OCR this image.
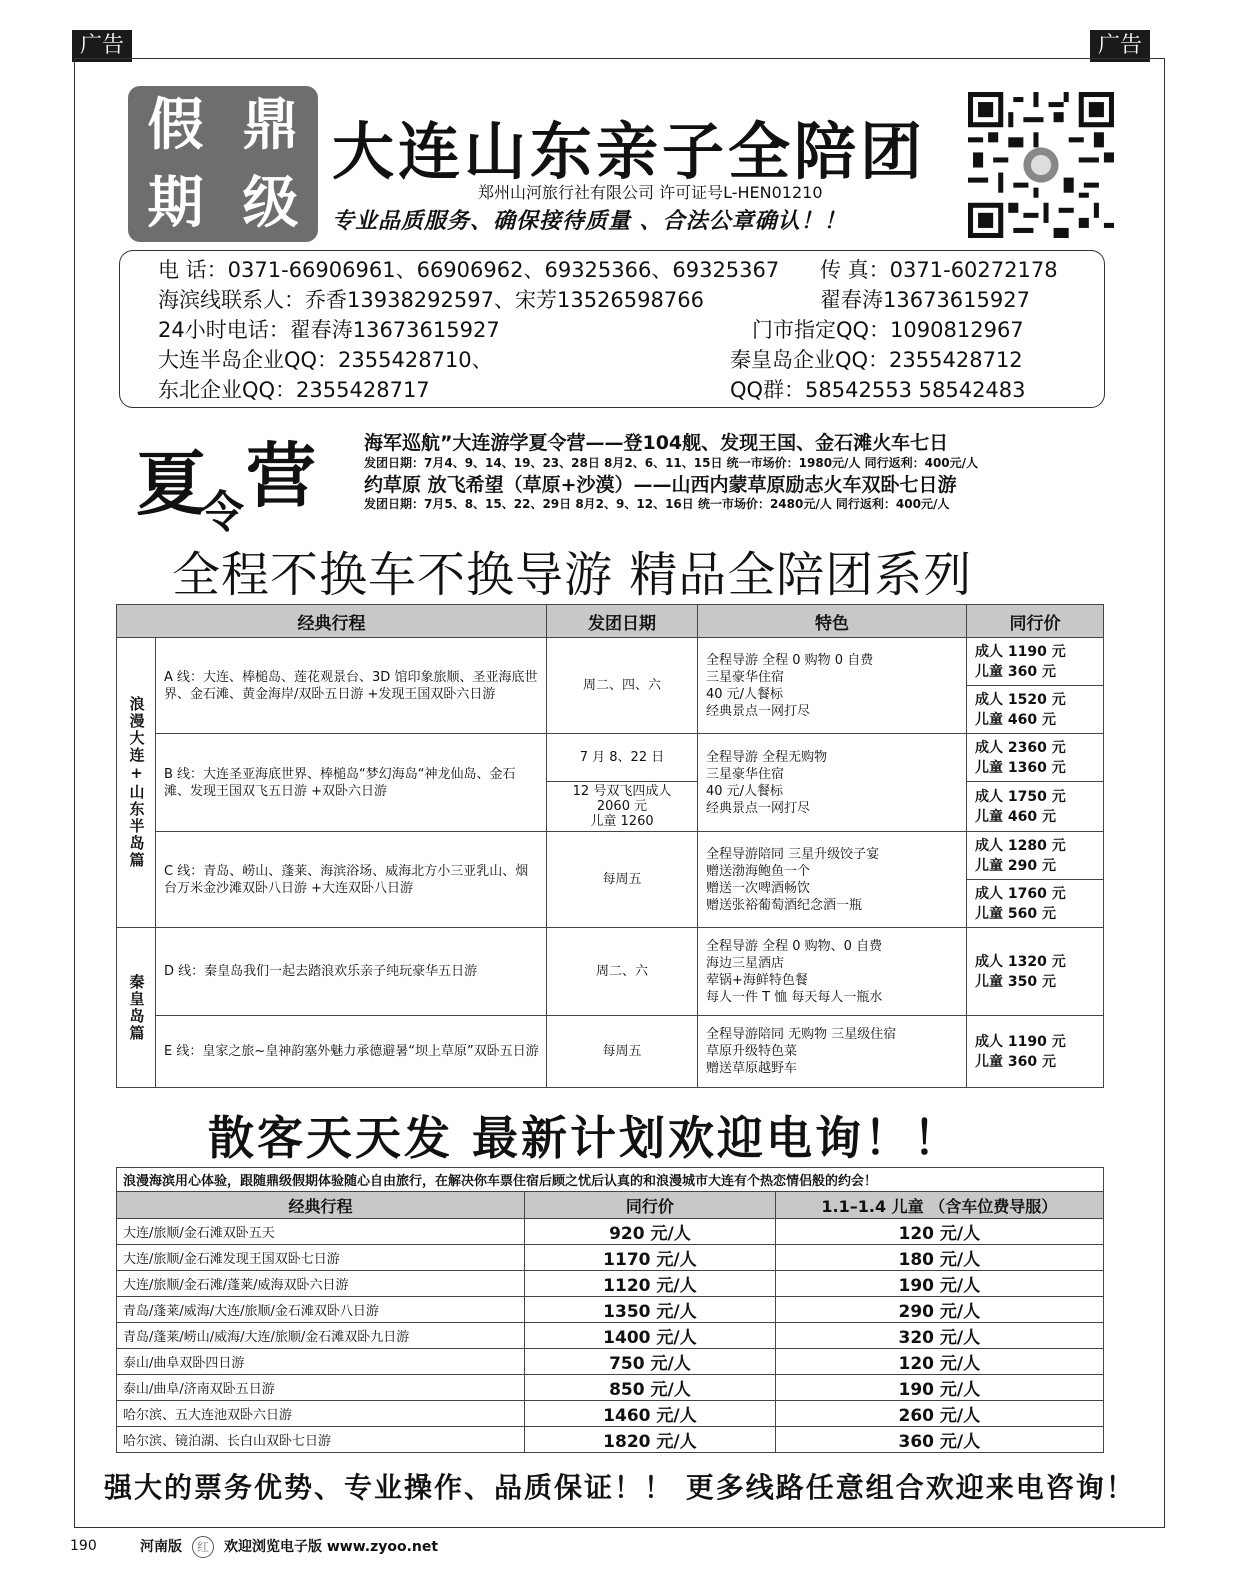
广告	广告
假 鼎
期 级
大连山东亲子全陪团
郑州山河旅行社有限公司 许可证号L-HEN01210
专业品质服务、确保接待质量 、合法公章确认！！
电 话：0371-66906961、66906962、69325366、69325367 传 真：0371-60272178
海滨线联系人：乔香13938292597、宋芳13526598766	翟春涛13673615927
24小时电话：翟春涛13673615927	门市指定QQ：1090812967
大连半岛企业QQ：2355428710、	秦皇岛企业QQ：2355428712
东北企业QQ：2355428717	QQ群：58542553 58542483
夏
令 营	海军巡航”大连游学夏令营——登104舰、发现王国、金石滩火车七日
发团日期：7月4、9、14、19、23、28日 8月2、6、11、15日 统一市场价：1980元/人 同行返利：400元/人
约草原 放飞希望（草原+沙漠）——山西内蒙草原励志火车双卧七日游
发团日期：7月5、8、15、22、29日 8月2、9、12、16日 统一市场价：2480元/人 同行返利：400元/人
全程不换车不换导游 精品全陪团系列
经典行程		发团日期	特色	同行价
浪漫大连+山东半岛篇	A 线：大连、棒槌岛、莲花观景台、3D 馆印象旅顺、圣亚海底世界、金石滩、黄金海岸/双卧五日游 +发现王国双卧六日游	周二、四、六	全程导游 全程 0 购物 0 自费
三星豪华住宿
40 元/人餐标
经典景点一网打尽	成人 1190 元
儿童 360 元
				成人 1520 元
儿童 460 元
	B 线：大连圣亚海底世界、棒槌岛“梦幻海岛“神龙仙岛、金石滩、发现王国双飞五日游 +双卧六日游	7 月 8、22 日	全程导游 全程无购物
三星豪华住宿
40 元/人餐标
经典景点一网打尽	成人 2360 元
儿童 1360 元
		12 号双飞四成人
2060 元
儿童 1260		成人 1750 元
儿童 460 元
	C 线：青岛、崂山、蓬莱、海滨浴场、威海北方小三亚乳山、烟台万米金沙滩双卧八日游 +大连双卧八日游	每周五	全程导游陪同 三星升级饺子宴
赠送渤海鲍鱼一个
赠送一次啤酒畅饮
赠送张裕葡萄酒纪念酒一瓶	成人 1280 元
儿童 290 元
				成人 1760 元
儿童 560 元
秦皇岛篇	D 线：秦皇岛我们一起去踏浪欢乐亲子纯玩豪华五日游	周二、六	全程导游 全程 0 购物、0 自费
海边三星酒店
荤锅+海鲜特色餐
每人一件 T 恤 每天每人一瓶水	成人 1320 元
儿童 350 元
	E 线：皇家之旅~皇神韵塞外魅力承德避暑“坝上草原”双卧五日游	每周五	全程导游陪同 无购物 三星级住宿
草原升级特色菜
赠送草原越野车	成人 1190 元
儿童 360 元
散客天天发 最新计划欢迎电询！！
浪漫海滨用心体验，跟随鼎级假期体验随心自由旅行，在解决你车票住宿后顾之忧后认真的和浪漫城市大连有个热恋情侣般的约会！		
经典行程	同行价	1.1–1.4 儿童 （含车位费导服）
大连/旅顺/金石滩双卧五天	920 元/人	120 元/人
大连/旅顺/金石滩发现王国双卧七日游	1170 元/人	180 元/人
大连/旅顺/金石滩/蓬莱/威海双卧六日游	1120 元/人	190 元/人
青岛/蓬莱/威海/大连/旅顺/金石滩双卧八日游	1350 元/人	290 元/人
青岛/蓬莱/崂山/威海/大连/旅顺/金石滩双卧九日游	1400 元/人	320 元/人
泰山/曲阜双卧四日游	750 元/人	120 元/人
泰山/曲阜/济南双卧五日游	850 元/人	190 元/人
哈尔滨、五大连池双卧六日游	1460 元/人	260 元/人
哈尔滨、镜泊湖、长白山双卧七日游	1820 元/人	360 元/人
强大的票务优势、专业操作、品质保证！！ 更多线路任意组合欢迎来电咨询！
190	河南版 红 欢迎浏览电子版 www.zyoo.net
